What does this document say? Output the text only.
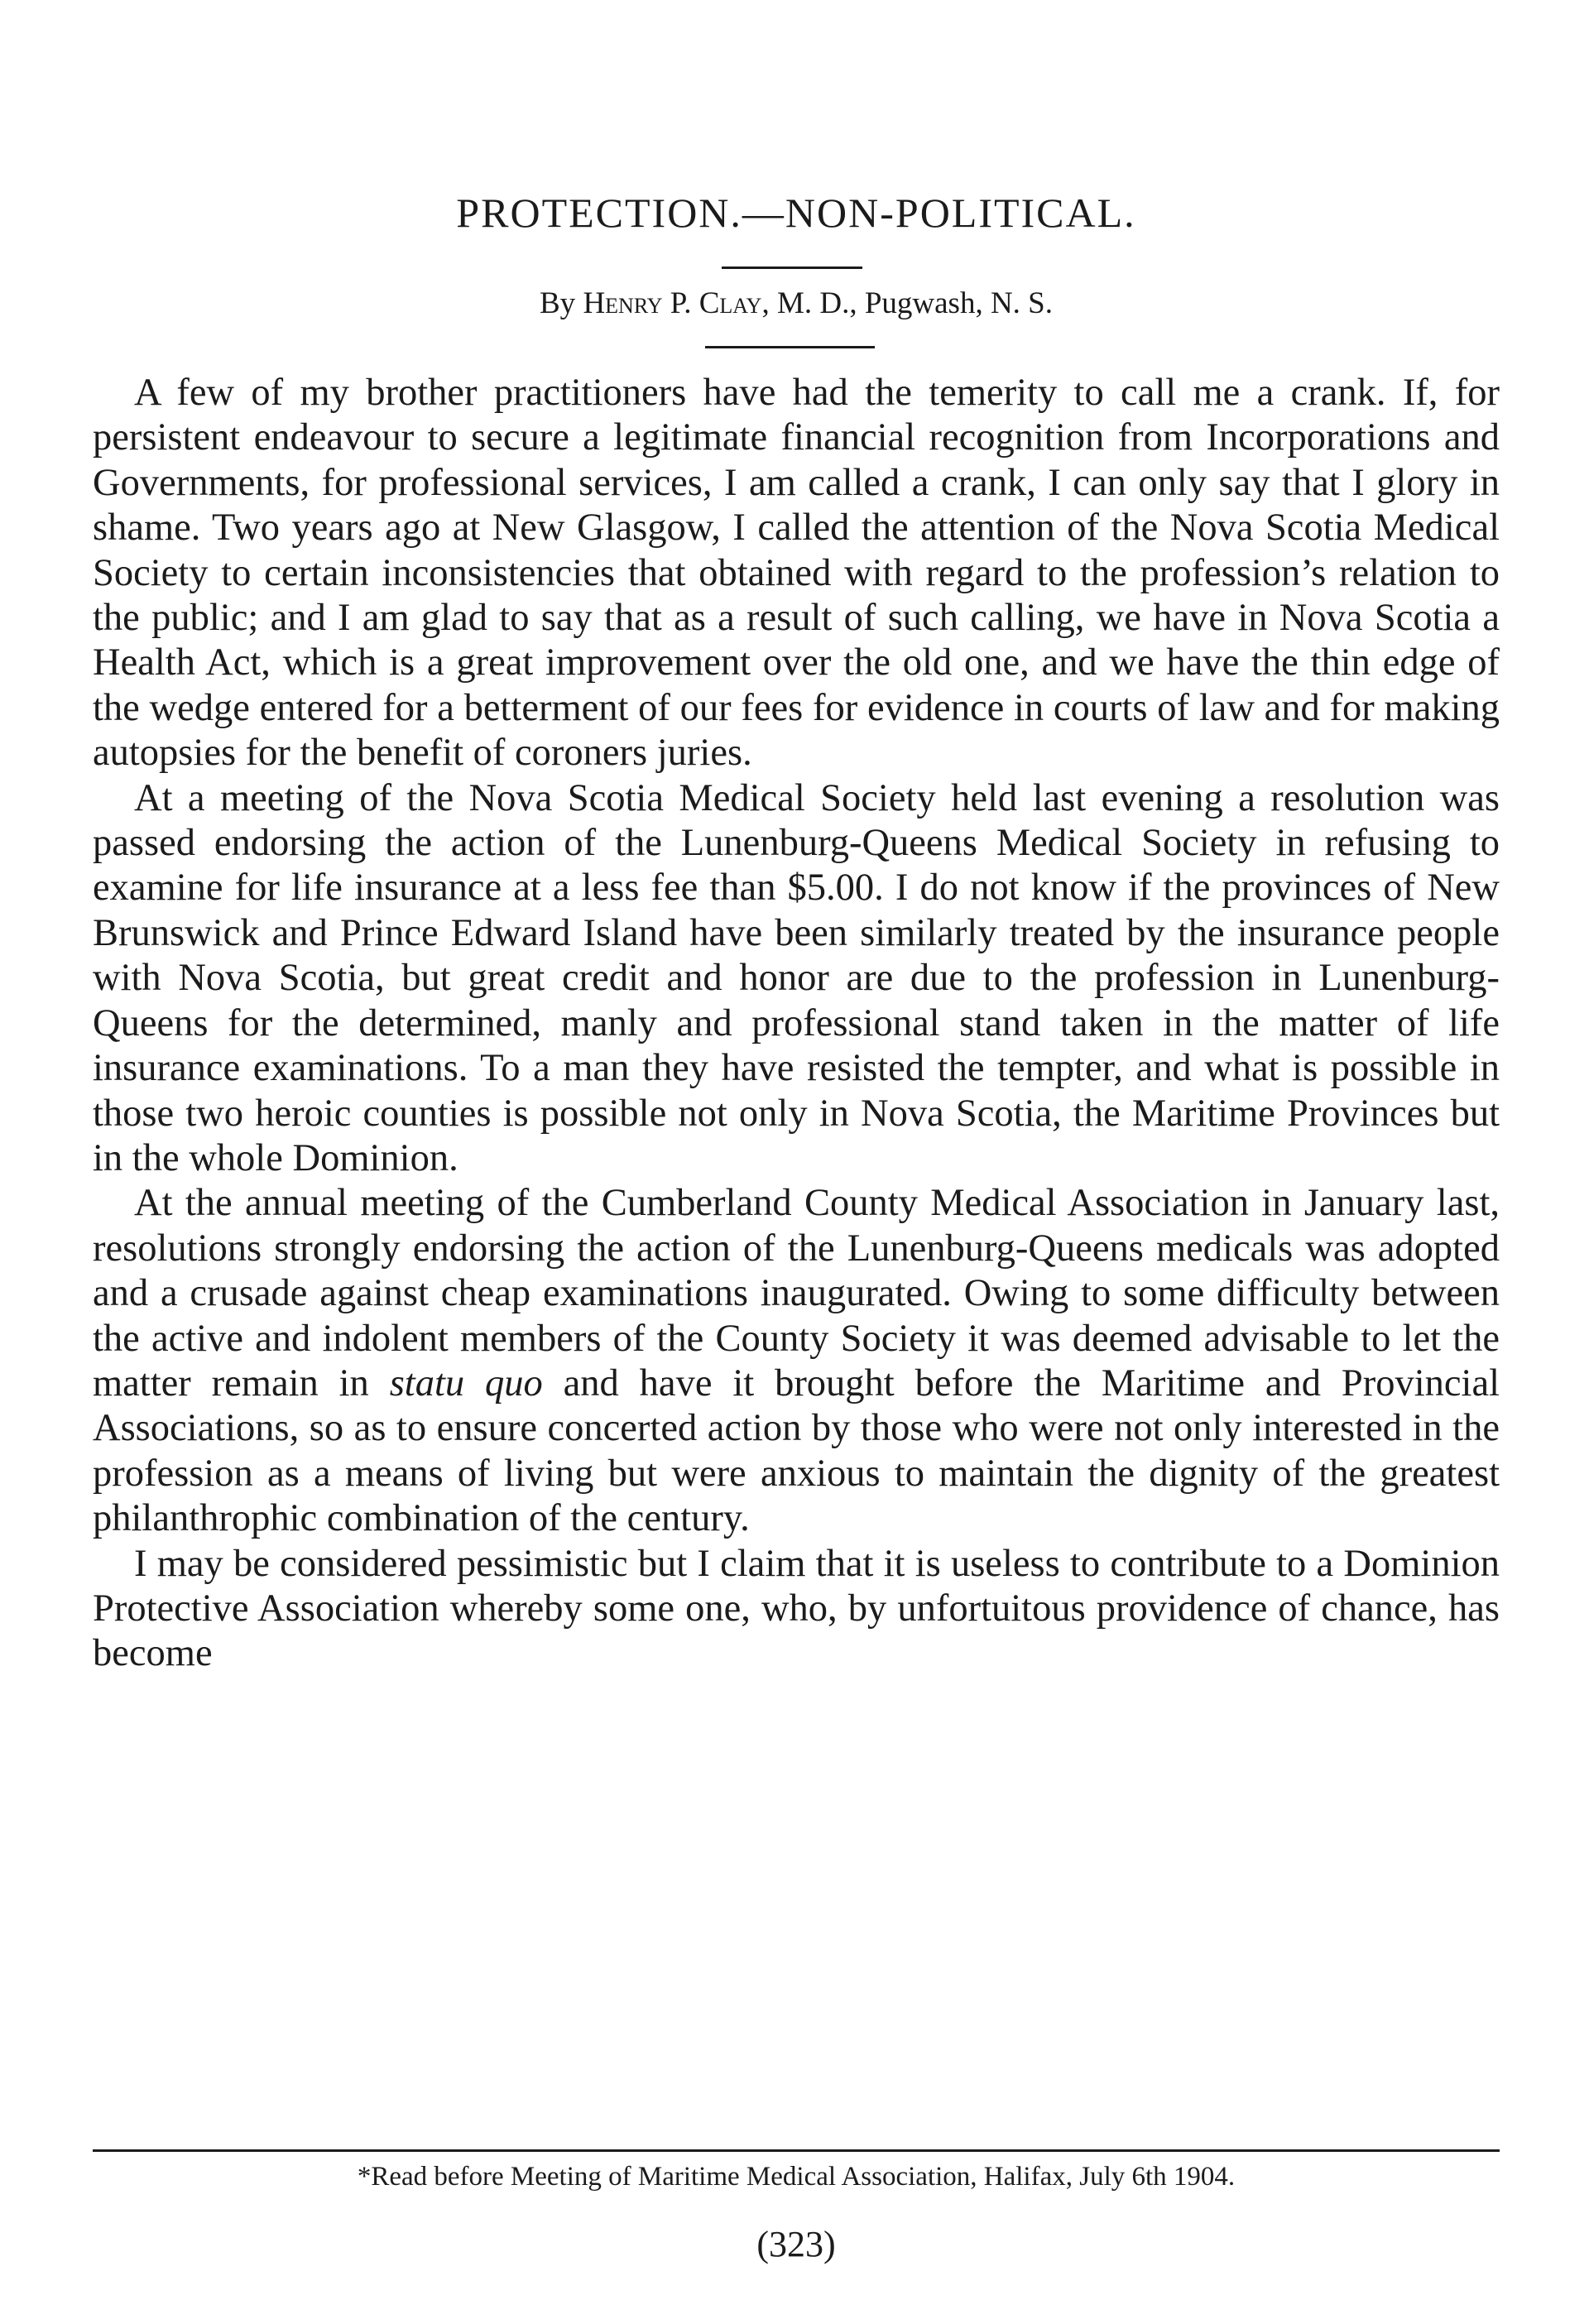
PROTECTION.—NON-POLITICAL.

By Henry P. Clay, M. D., Pugwash, N. S.

A few of my brother practitioners have had the temerity to call me a crank. If, for persistent endeavour to secure a legitimate financial recognition from Incorporations and Governments, for professional services, I am called a crank, I can only say that I glory in shame. Two years ago at New Glasgow, I called the attention of the Nova Scotia Medical Society to certain inconsistencies that obtained with regard to the profession’s relation to the public; and I am glad to say that as a result of such calling, we have in Nova Scotia a Health Act, which is a great improvement over the old one, and we have the thin edge of the wedge entered for a betterment of our fees for evidence in courts of law and for making autopsies for the benefit of coroners juries.

At a meeting of the Nova Scotia Medical Society held last evening a resolution was passed endorsing the action of the Lunenburg-Queens Medical Society in refusing to examine for life insurance at a less fee than $5.00. I do not know if the provinces of New Brunswick and Prince Edward Island have been similarly treated by the insurance people with Nova Scotia, but great credit and honor are due to the profession in Lunenburg-Queens for the determined, manly and professional stand taken in the matter of life insurance examinations. To a man they have resisted the tempter, and what is possible in those two heroic counties is possible not only in Nova Scotia, the Maritime Provinces but in the whole Dominion.

At the annual meeting of the Cumberland County Medical Association in January last, resolutions strongly endorsing the action of the Lunenburg-Queens medicals was adopted and a crusade against cheap examinations inaugurated. Owing to some difficulty between the active and indolent members of the County Society it was deemed advisable to let the matter remain in statu quo and have it brought before the Maritime and Provincial Associations, so as to ensure concerted action by those who were not only interested in the profession as a means of living but were anxious to maintain the dignity of the greatest philanthrophic combination of the century.

I may be considered pessimistic but I claim that it is useless to contribute to a Dominion Protective Association whereby some one, who, by unfortuitous providence of chance, has become

*Read before Meeting of Maritime Medical Association, Halifax, July 6th 1904.

(323)
